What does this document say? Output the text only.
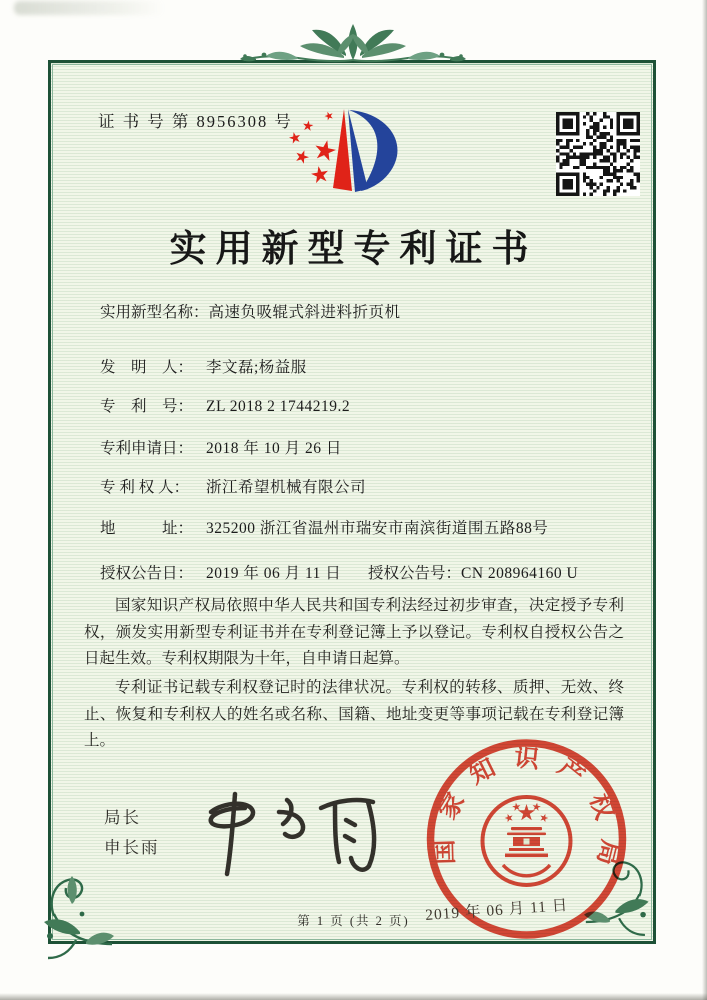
证 书 号 第 8956308 号
实用新型专利证书
实用新型名称：高速负吸辊式斜进料折页机
发　明　人： 李文磊;杨益服
专　利　号： ZL 2018 2 1744219.2
专利申请日： 2018 年 10 月 26 日
专 利 权 人： 浙江希望机械有限公司
地　　　址： 325200 浙江省温州市瑞安市南滨街道围五路88号
授权公告日： 2019 年 06 月 11 日 授权公告号：CN 208964160 U

国家知识产权局依照中华人民共和国专利法经过初步审查，决定授予专利权，颁发实用新型专利证书并在专利登记簿上予以登记。专利权自授权公告之日起生效。专利权期限为十年，自申请日起算。

专利证书记载专利权登记时的法律状况。专利权的转移、质押、无效、终止、恢复和专利权人的姓名或名称、国籍、地址变更等事项记载在专利登记簿上。

局长
申长雨	国家知识产权局
2019 年 06 月 11 日
第 1 页 (共 2 页)
